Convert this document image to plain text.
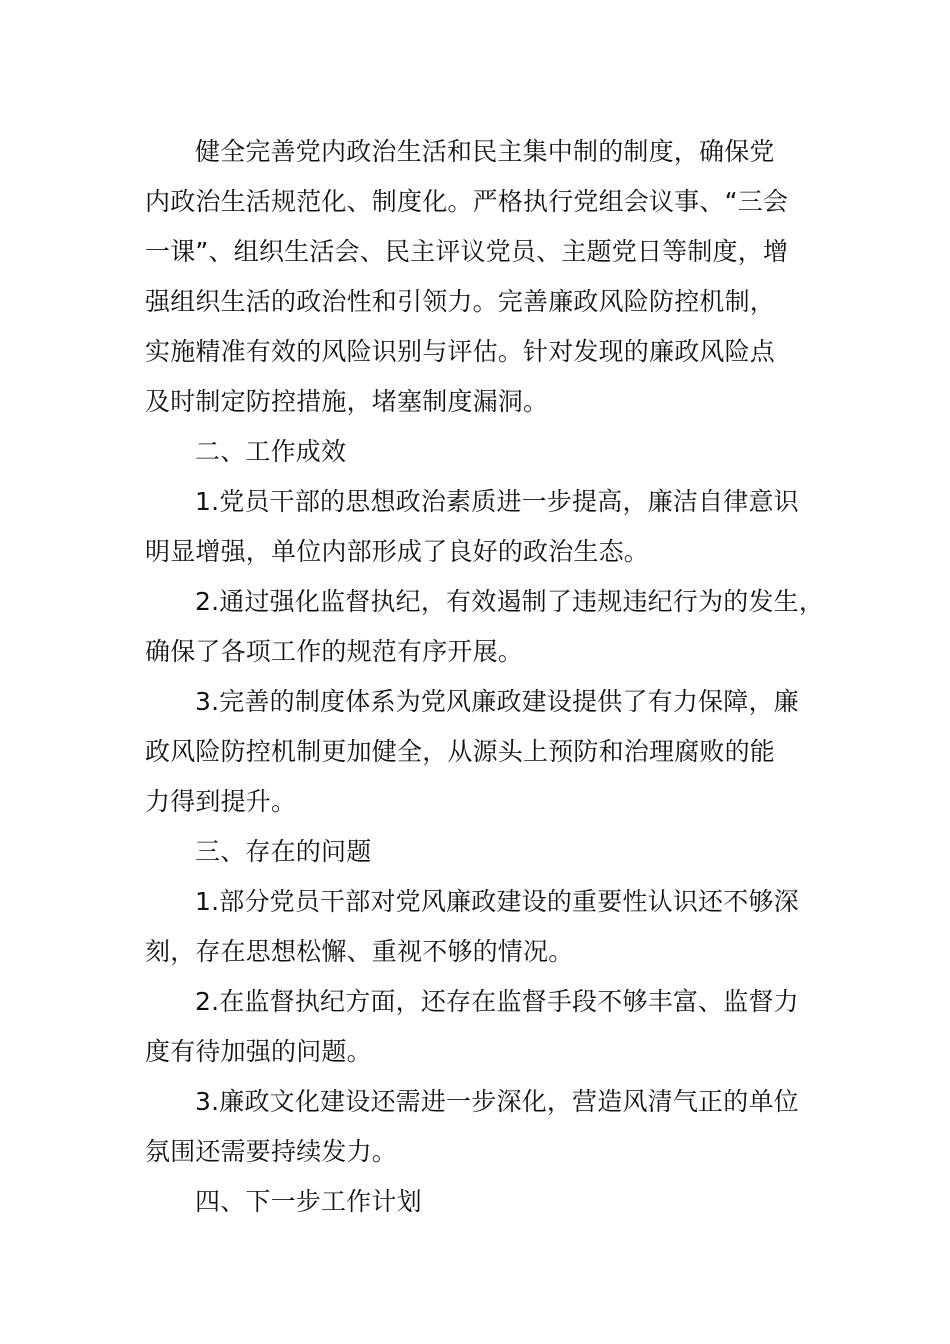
健全完善党内政治生活和民主集中制的制度，确保党
内政治生活规范化、制度化。严格执行党组会议事、“三会
一课”、组织生活会、民主评议党员、主题党日等制度，增
强组织生活的政治性和引领力。完善廉政风险防控机制，
实施精准有效的风险识别与评估。针对发现的廉政风险点
及时制定防控措施，堵塞制度漏洞。
二、工作成效
1.党员干部的思想政治素质进一步提高，廉洁自律意识
明显增强，单位内部形成了良好的政治生态。
2.通过强化监督执纪，有效遏制了违规违纪行为的发生，
确保了各项工作的规范有序开展。
3.完善的制度体系为党风廉政建设提供了有力保障，廉
政风险防控机制更加健全，从源头上预防和治理腐败的能
力得到提升。
三、存在的问题
1.部分党员干部对党风廉政建设的重要性认识还不够深
刻，存在思想松懈、重视不够的情况。
2.在监督执纪方面，还存在监督手段不够丰富、监督力
度有待加强的问题。
3.廉政文化建设还需进一步深化，营造风清气正的单位
氛围还需要持续发力。
四、下一步工作计划
